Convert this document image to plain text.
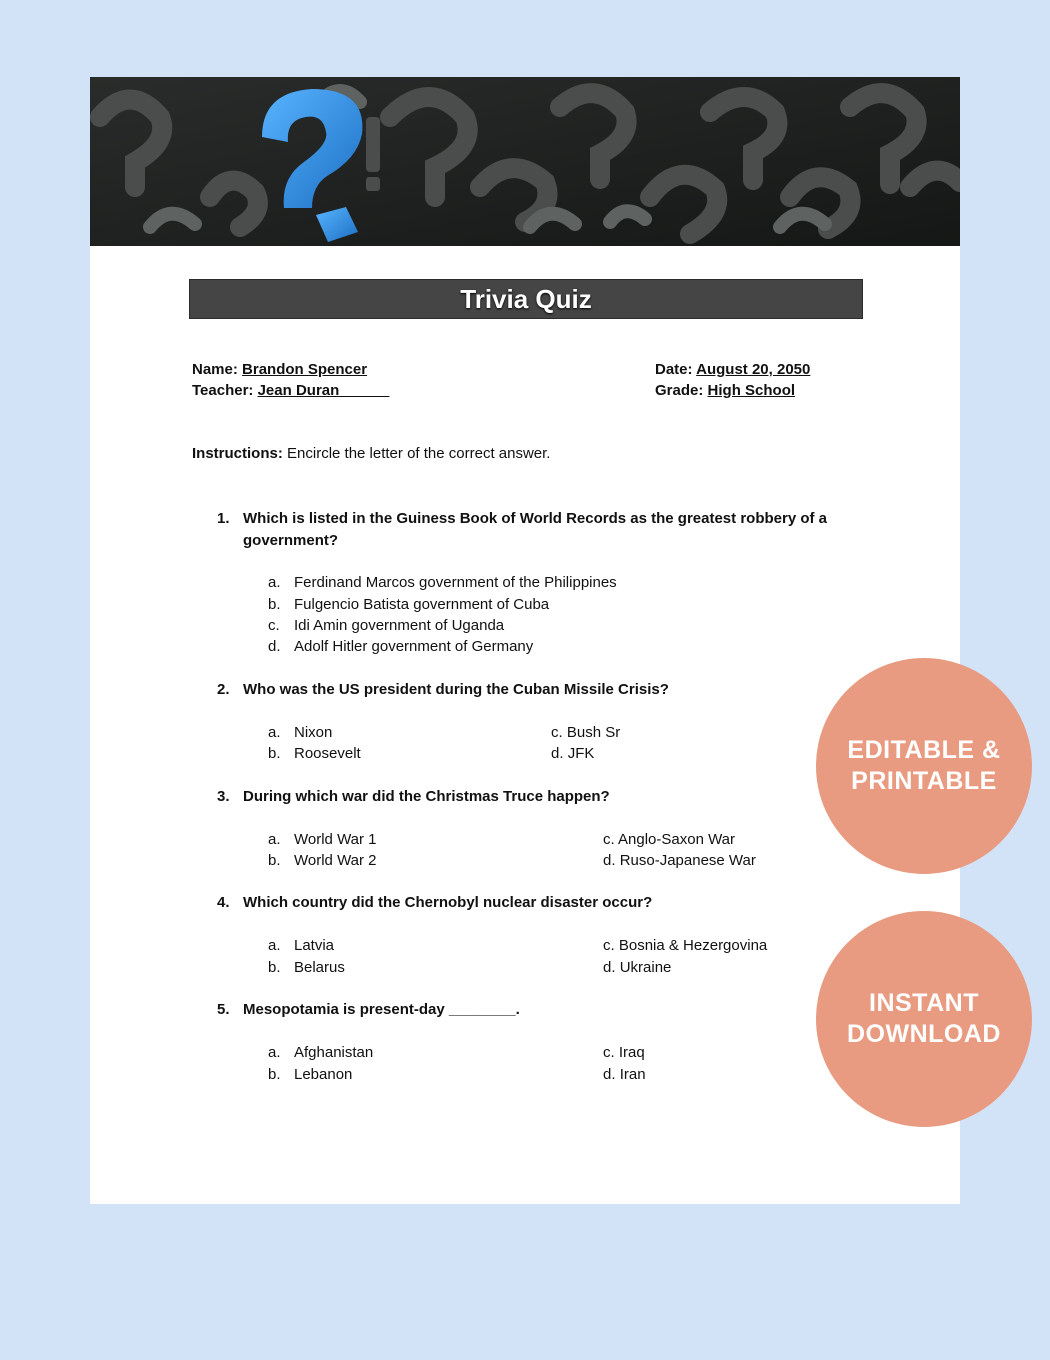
Trivia Quiz
Name: Brandon Spencer
Teacher: Jean Duran______
Date: August 20, 2050
Grade: High School
Instructions: Encircle the letter of the correct answer.
1. Which is listed in the Guiness Book of World Records as the greatest robbery of a government?
a. Ferdinand Marcos government of the Philippines
b. Fulgencio Batista government of Cuba
c. Idi Amin government of Uganda
d. Adolf Hitler government of Germany
2. Who was the US president during the Cuban Missile Crisis?
a. Nixon
b. Roosevelt
c. Bush Sr
d. JFK
3. During which war did the Christmas Truce happen?
a. World War 1
b. World War 2
c. Anglo-Saxon War
d. Ruso-Japanese War
4. Which country did the Chernobyl nuclear disaster occur?
a. Latvia
b. Belarus
c. Bosnia & Hezergovina
d. Ukraine
5. Mesopotamia is present-day ________.
a. Afghanistan
b. Lebanon
c. Iraq
d. Iran
EDITABLE &
PRINTABLE
INSTANT
DOWNLOAD
